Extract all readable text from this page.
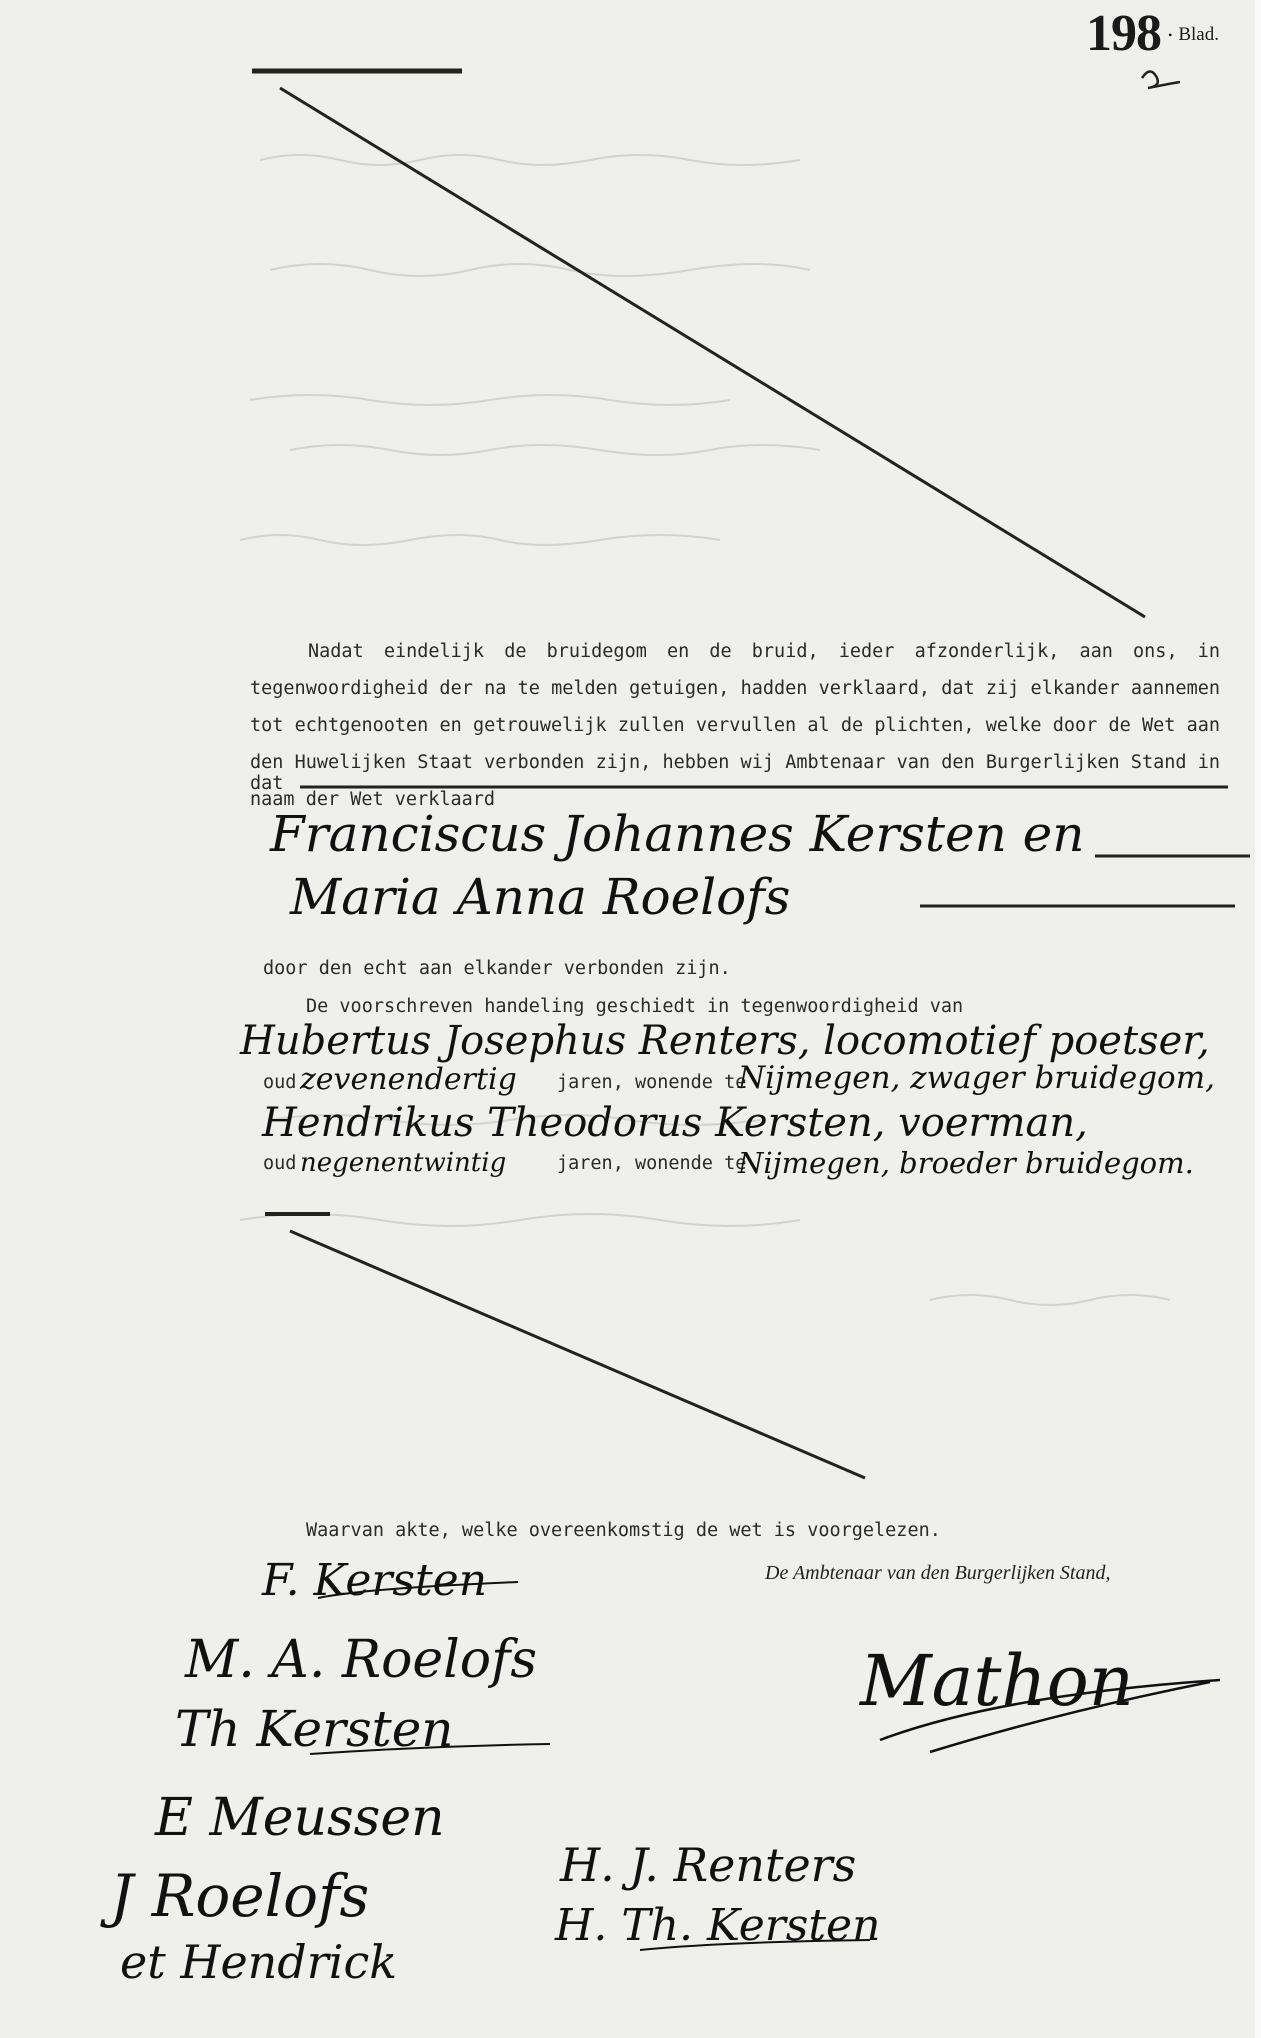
198
• Blad.
Nadat eindelijk de bruidegom en de bruid, ieder afzonderlijk, aan ons, in tegenwoordigheid der na te melden getuigen, hadden verklaard, dat zij elkander aannemen tot echtgenooten en getrouwelijk zullen vervullen al de plichten, welke door de Wet aan den Huwelijken Staat verbonden zijn, hebben wij Ambtenaar van den Burgerlijken Stand in naam der Wet verklaard
dat
Franciscus Johannes Kersten en
Maria Anna Roelofs
door den echt aan elkander verbonden zijn.
De voorschreven handeling geschiedt in tegenwoordigheid van
Hubertus Josephus Renters, locomotief poetser,
oud zevenendertig jaren, wonende te
Nijmegen, zwager bruidegom,
Hendrikus Theodorus Kersten, voerman,
oud negenentwintig	jaren, wonende te
Nijmegen, broeder bruidegom.
Waarvan akte, welke overeenkomstig de wet is voorgelezen.
De Ambtenaar van den Burgerlijken Stand,
F. Kersten
M. A. Roelofs
Th Kersten
E Meussen
J Roelofs
et Hendrick
H. J. Renters
H. Th. Kersten
Mathon
